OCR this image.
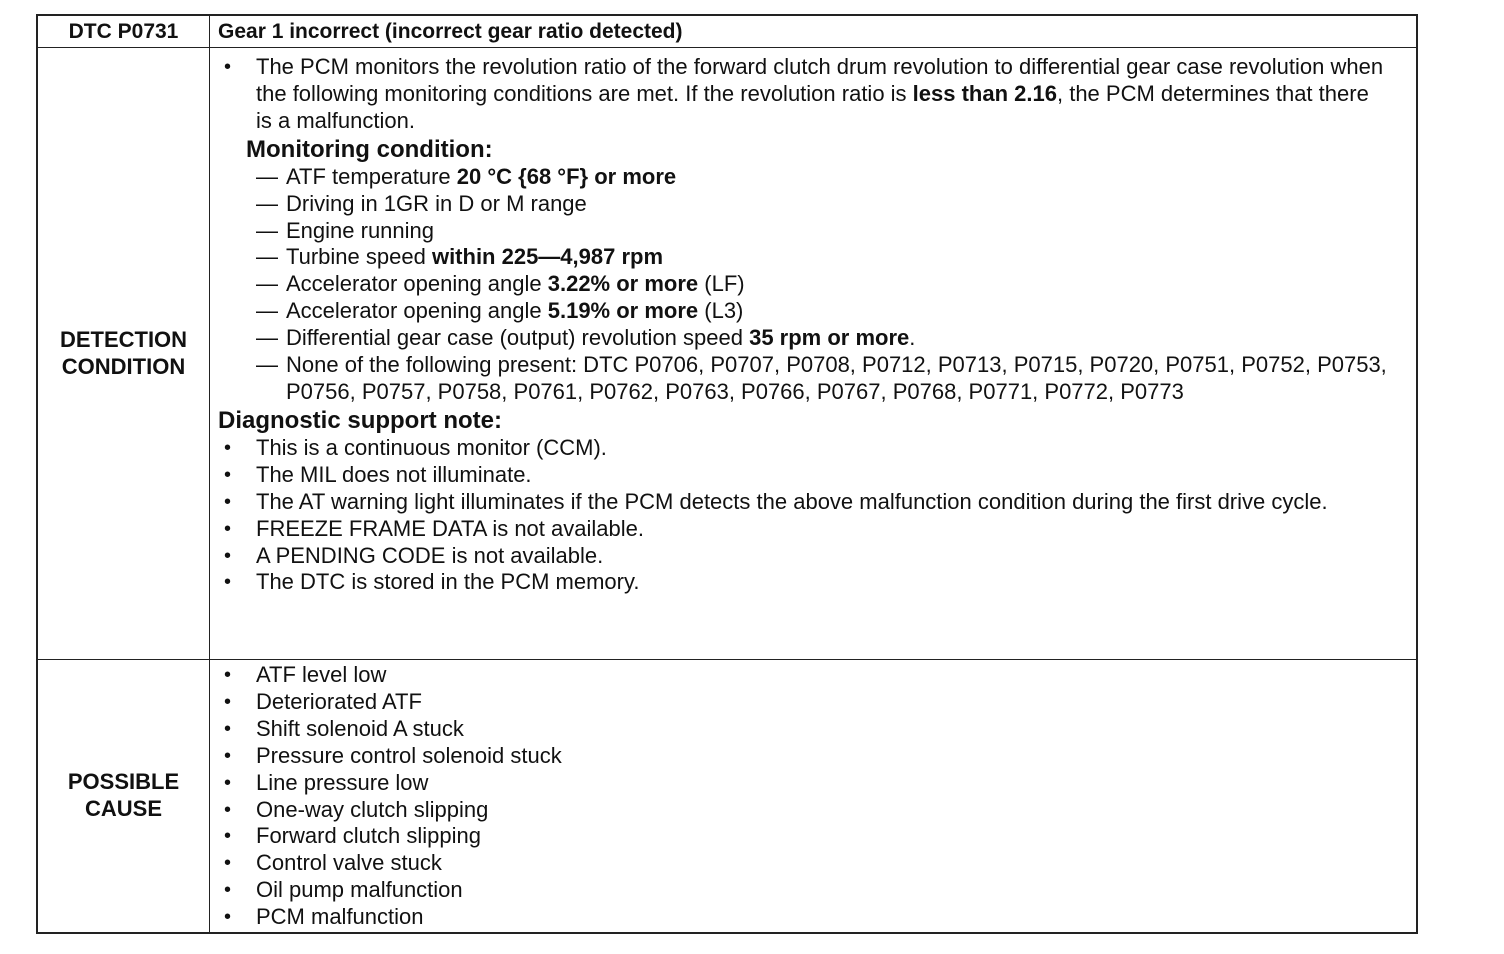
DTC P0731	Gear 1 incorrect (incorrect gear ratio detected)
DETECTION
CONDITION
• The PCM monitors the revolution ratio of the forward clutch drum revolution to differential gear case revolution when the following monitoring conditions are met. If the revolution ratio is less than 2.16, the PCM determines that there is a malfunction.
Monitoring condition:
— ATF temperature 20 °C {68 °F} or more
— Driving in 1GR in D or M range
— Engine running
— Turbine speed within 225—4,987 rpm
— Accelerator opening angle 3.22% or more (LF)
— Accelerator opening angle 5.19% or more (L3)
— Differential gear case (output) revolution speed 35 rpm or more.
— None of the following present: DTC P0706, P0707, P0708, P0712, P0713, P0715, P0720, P0751, P0752, P0753, P0756, P0757, P0758, P0761, P0762, P0763, P0766, P0767, P0768, P0771, P0772, P0773
Diagnostic support note:
• This is a continuous monitor (CCM).
• The MIL does not illuminate.
• The AT warning light illuminates if the PCM detects the above malfunction condition during the first drive cycle.
• FREEZE FRAME DATA is not available.
• A PENDING CODE is not available.
• The DTC is stored in the PCM memory.
POSSIBLE
CAUSE
• ATF level low
• Deteriorated ATF
• Shift solenoid A stuck
• Pressure control solenoid stuck
• Line pressure low
• One-way clutch slipping
• Forward clutch slipping
• Control valve stuck
• Oil pump malfunction
• PCM malfunction
